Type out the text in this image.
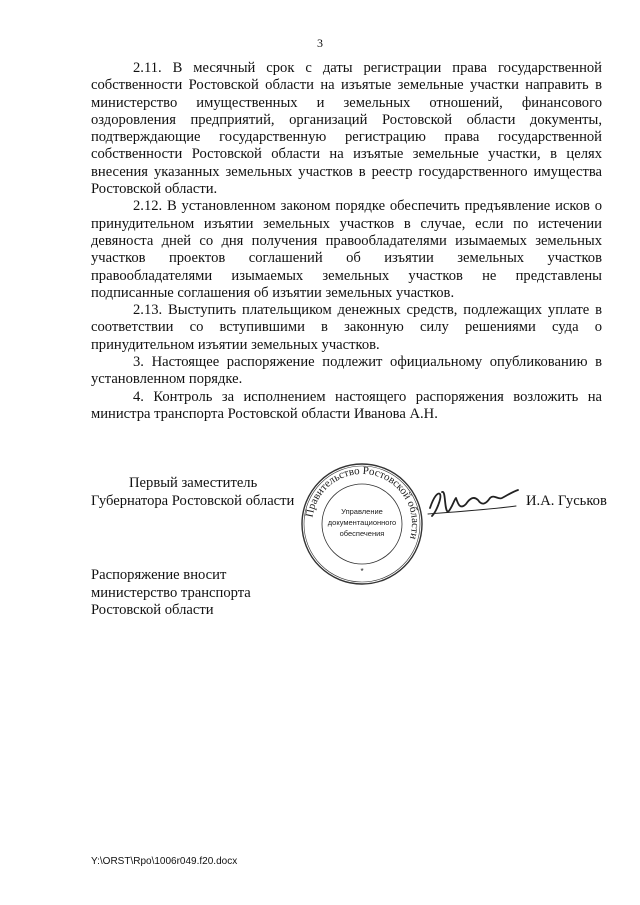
3

2.11. В месячный срок с даты регистрации права государственной собственности Ростовской области на изъятые земельные участки направить в министерство имущественных и земельных отношений, финансового оздоровления предприятий, организаций Ростовской области документы, подтверждающие государственную регистрацию права государственной собственности Ростовской области на изъятые земельные участки, в целях внесения указанных земельных участков в реестр государственного имущества Ростовской области.

2.12. В установленном законом порядке обеспечить предъявление исков о принудительном изъятии земельных участков в случае, если по истечении девяноста дней со дня получения правообладателями изымаемых земельных участков проектов соглашений об изъятии земельных участков правообладателями изымаемых земельных участков не представлены подписанные соглашения об изъятии земельных участков.

2.13. Выступить плательщиком денежных средств, подлежащих уплате в соответствии со вступившими в законную силу решениями суда о принудительном изъятии земельных участков.

3. Настоящее распоряжение подлежит официальному опубликованию в установленном порядке.

4. Контроль за исполнением настоящего распоряжения возложить на министра транспорта Ростовской области Иванова А.Н.

Первый заместитель
Губернатора Ростовской области
Правительство Ростовской области
Управление
документационного
обеспечения
*
И.А. Гуськов
Распоряжение вносит
министерство транспорта
Ростовской области
Y:\ORST\Rpo\1006r049.f20.docx
